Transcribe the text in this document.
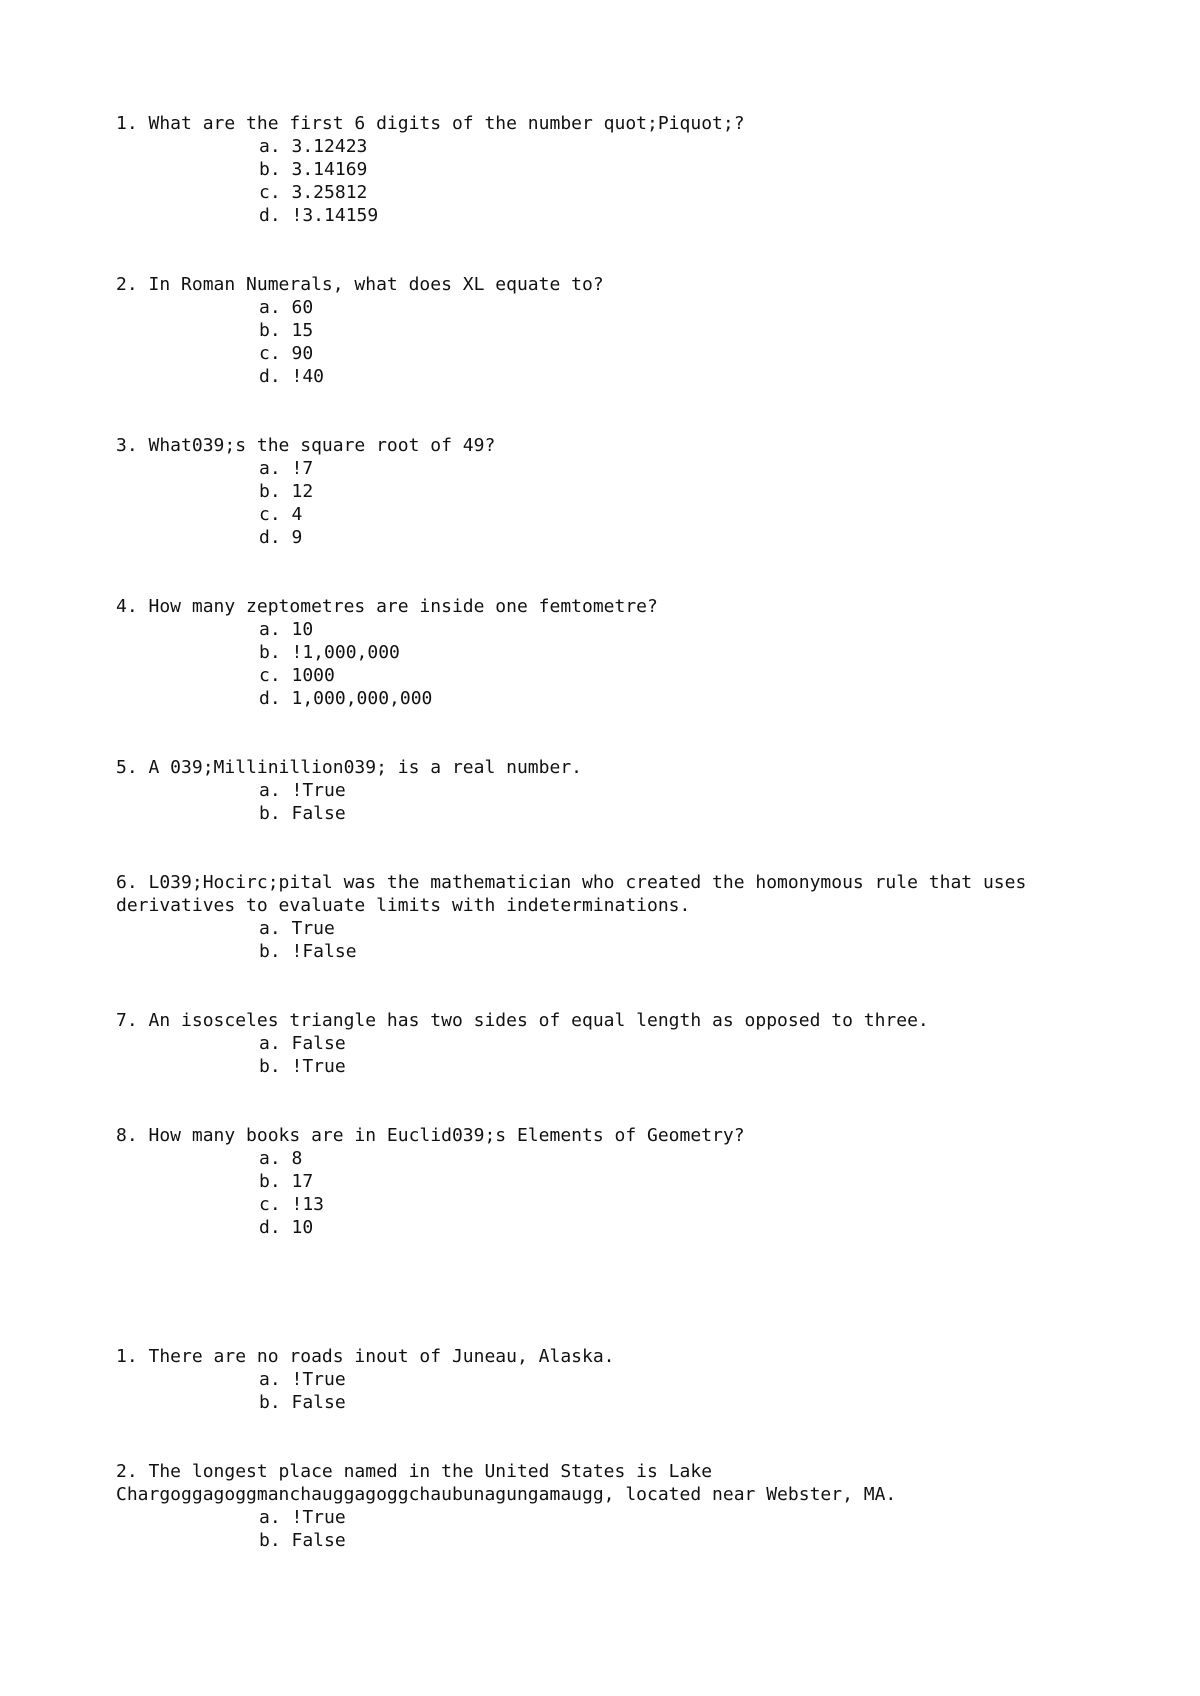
1. What are the first 6 digits of the number quot;Piquot;?

a. 3.12423
b. 3.14169
c. 3.25812
d. !3.14159

2. In Roman Numerals, what does XL equate to?

a. 60
b. 15
c. 90
d. !40

3. What039;s the square root of 49?

a. !7
b. 12
c. 4
d. 9

4. How many zeptometres are inside one femtometre?

a. 10
b. !1,000,000
c. 1000
d. 1,000,000,000

5. A 039;Millinillion039; is a real number.

a. !True
b. False

6. L039;Hocirc;pital was the mathematician who created the homonymous rule that uses derivatives to evaluate limits with indeterminations.

a. True
b. !False

7. An isosceles triangle has two sides of equal length as opposed to three.

a. False
b. !True

8. How many books are in Euclid039;s Elements of Geometry?

a. 8
b. 17
c. !13
d. 10

1. There are no roads inout of Juneau, Alaska.

a. !True
b. False

2. The longest place named in the United States is Lake Chargoggagoggmanchauggagoggchaubunagungamaugg, located near Webster, MA.

a. !True
b. False
